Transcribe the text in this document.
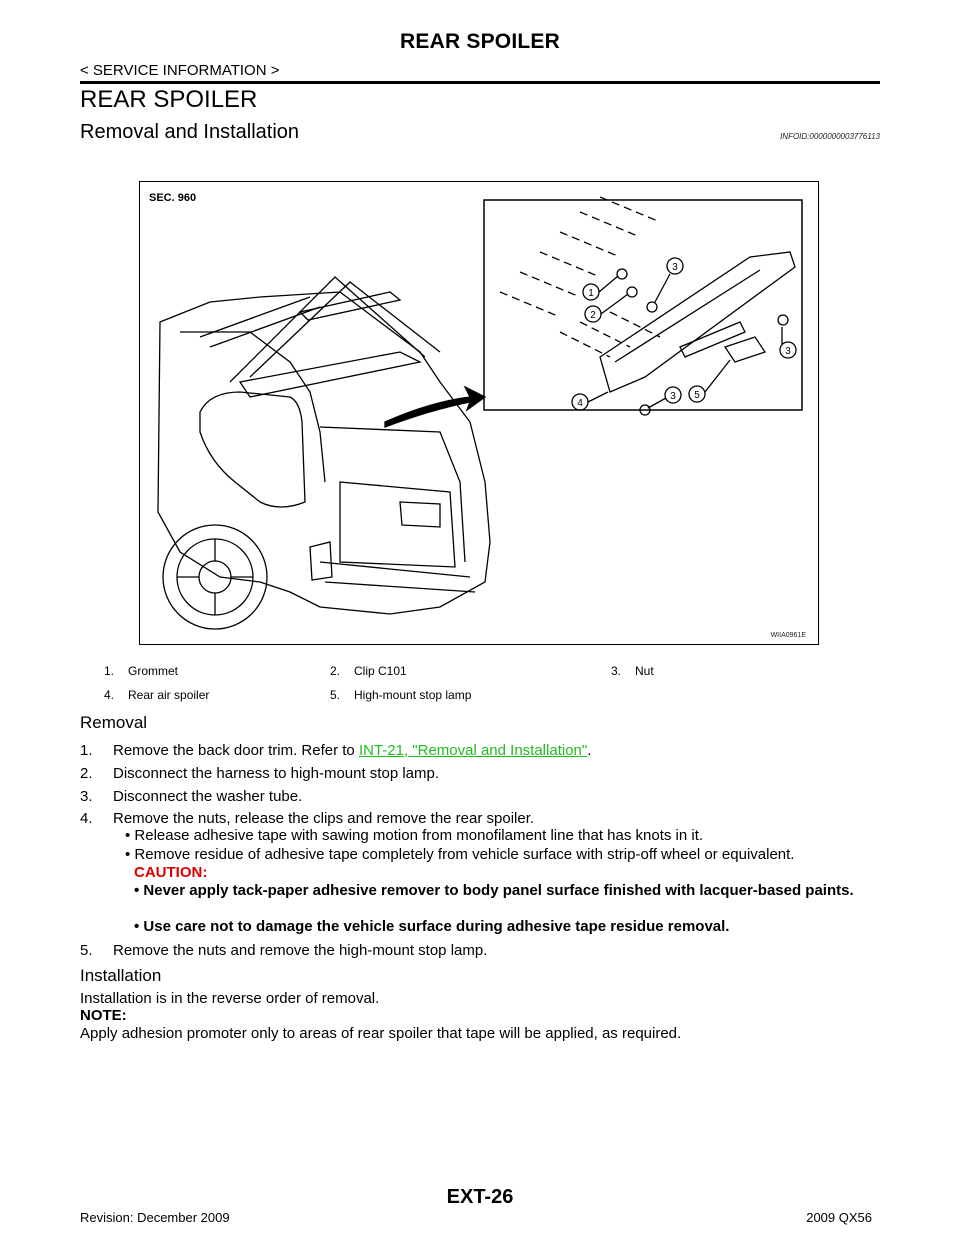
REAR SPOILER
< SERVICE INFORMATION >
REAR SPOILER
Removal and Installation	INFOID:0000000003776113
SEC. 960
1
2
3
3
3
4
5
WIIA0961E
1. Grommet	2. Clip C101	3. Nut
4. Rear air spoiler	5. High-mount stop lamp
Removal
1. Remove the back door trim. Refer to INT-21, "Removal and Installation".
2. Disconnect the harness to high-mount stop lamp.
3. Disconnect the washer tube.
4. Remove the nuts, release the clips and remove the rear spoiler.
• Release adhesive tape with sawing motion from monofilament line that has knots in it.
• Remove residue of adhesive tape completely from vehicle surface with strip-off wheel or equivalent.
CAUTION:
• Never apply tack-paper adhesive remover to body panel surface finished with lacquer-based paints.
• Use care not to damage the vehicle surface during adhesive tape residue removal.
5. Remove the nuts and remove the high-mount stop lamp.
Installation
Installation is in the reverse order of removal.
NOTE:
Apply adhesion promoter only to areas of rear spoiler that tape will be applied, as required.
Revision: December 2009
EXT-26
2009 QX56
